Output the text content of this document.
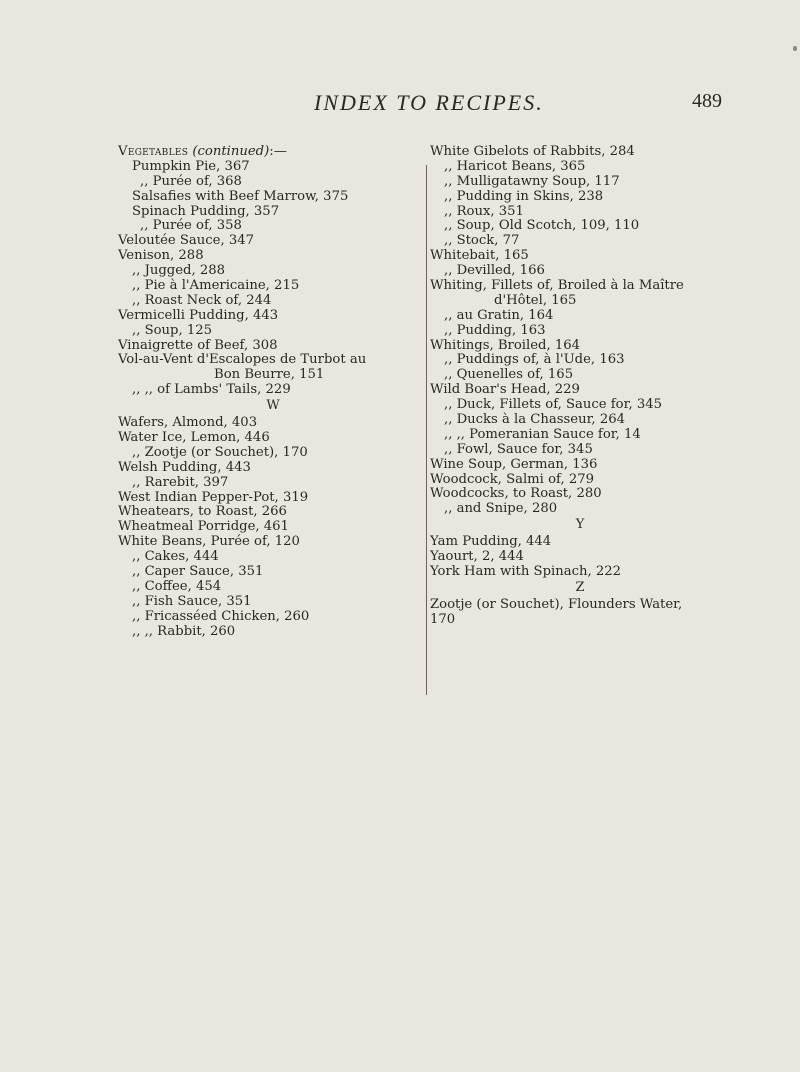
INDEX TO RECIPES.	489
Vegetables (continued):—
Pumpkin Pie, 367
,, Purée of, 368
Salsafies with Beef Marrow, 375
Spinach Pudding, 357
,, Purée of, 358
Veloutée Sauce, 347
Venison, 288
,, Jugged, 288
,, Pie à l'Americaine, 215
,, Roast Neck of, 244
Vermicelli Pudding, 443
,, Soup, 125
Vinaigrette of Beef, 308
Vol-au-Vent d'Escalopes de Turbot au
Bon Beurre, 151
,, ,, of Lambs' Tails, 229
W
Wafers, Almond, 403
Water Ice, Lemon, 446
,, Zootje (or Souchet), 170
Welsh Pudding, 443
,, Rarebit, 397
West Indian Pepper-Pot, 319
Wheatears, to Roast, 266
Wheatmeal Porridge, 461
White Beans, Purée of, 120
,, Cakes, 444
,, Caper Sauce, 351
,, Coffee, 454
,, Fish Sauce, 351
,, Fricasséed Chicken, 260
,, ,, Rabbit, 260
White Gibelots of Rabbits, 284
,, Haricot Beans, 365
,, Mulligatawny Soup, 117
,, Pudding in Skins, 238
,, Roux, 351
,, Soup, Old Scotch, 109, 110
,, Stock, 77
Whitebait, 165
,, Devilled, 166
Whiting, Fillets of, Broiled à la Maître
d'Hôtel, 165
,, au Gratin, 164
,, Pudding, 163
Whitings, Broiled, 164
,, Puddings of, à l'Ude, 163
,, Quenelles of, 165
Wild Boar's Head, 229
,, Duck, Fillets of, Sauce for, 345
,, Ducks à la Chasseur, 264
,, ,, Pomeranian Sauce for, 14
,, Fowl, Sauce for, 345
Wine Soup, German, 136
Woodcock, Salmi of, 279
Woodcocks, to Roast, 280
,, and Snipe, 280
Y
Yam Pudding, 444
Yaourt, 2, 444
York Ham with Spinach, 222
Z
Zootje (or Souchet), Flounders Water,
170
